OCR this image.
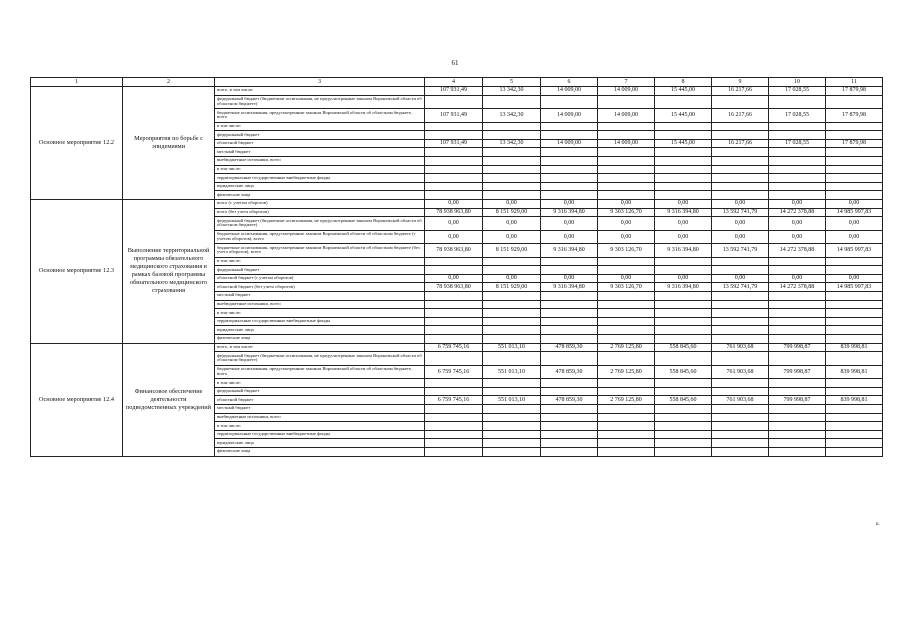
61
1	2	3	4	5	6	7	8	9	10	11
Основное мероприятие 12.2	Мероприятия по борьбе с эпидемиями	всего, в том числе:	107 931,49	13 342,30	14 009,00	14 009,00	15 445,00	16 217,66	17 028,55	17 879,98
		федеральный бюджет (бюджетные ассигнования, не предусмотренные законом Воронежской области об областном бюджете)								
		бюджетные ассигнования, предусмотренные законом Воронежской области об областном бюджете, всего	107 931,49	13 342,30	14 009,00	14 009,00	15 445,00	16 217,66	17 028,55	17 879,98
		в том числе:								
		федеральный бюджет								
		областной бюджет	107 931,49	13 342,30	14 009,00	14 009,00	15 445,00	16 217,66	17 028,55	17 879,98
		местный бюджет								
		внебюджетные источники, всего								
		в том числе:								
		территориальные государственные внебюджетные фонды								
		юридические лица								
		физические лица								
Основное мероприятие 12.3	Выполнение территориальной программы обязательного медицинского страхования в рамках базовой программы обязательного медицинского страхования	всего (с учетом оборотов)	0,00	0,00	0,00	0,00	0,00	0,00	0,00	0,00
		всего (без учета оборотов)	78 938 963,80	8 151 929,00	9 316 394,80	9 303 126,70	9 316 394,80	13 592 741,79	14 272 378,88	14 985 997,83
		федеральный бюджет (бюджетные ассигнования, не предусмотренные законом Воронежской области об областном бюджете)	0,00	0,00	0,00	0,00	0,00	0,00	0,00	0,00
		бюджетные ассигнования, предусмотренные законом Воронежской области об областном бюджете (с учетом оборотов), всего	0,00	0,00	0,00	0,00	0,00	0,00	0,00	0,00
		бюджетные ассигнования, предусмотренные законом Воронежской области об областном бюджете (без учета оборотов), всего	78 938 963,80	8 151 929,00	9 316 394,80	9 303 126,70	9 316 394,80	13 592 741,79	14 272 378,88	14 985 997,83
		в том числе:								
		федеральный бюджет								
		областной бюджет (с учетом оборотов)	0,00	0,00	0,00	0,00	0,00	0,00	0,00	0,00
		областной бюджет (без учета оборотов)	78 938 963,80	8 151 929,00	9 316 394,80	9 303 126,70	9 316 394,80	13 592 741,79	14 272 378,88	14 985 997,83
		местный бюджет								
		внебюджетные источники, всего								
		в том числе:								
		территориальные государственные внебюджетные фонды								
		юридические лица								
		физические лица								
Основное мероприятие 12.4	Финансовое обеспечение деятельности подведомственных учреждений	всего, в том числе:	6 759 745,16	551 013,10	478 859,30	2 769 125,80	558 845,60	761 903,68	799 998,87	839 998,81
		федеральный бюджет (бюджетные ассигнования, не предусмотренные законом Воронежской области об областном бюджете)								
		бюджетные ассигнования, предусмотренные законом Воронежской области об областном бюджете, всего	6 759 745,16	551 013,10	478 859,30	2 769 125,80	558 845,60	761 903,68	799 998,87	839 998,81
		в том числе:								
		федеральный бюджет								
		областной бюджет	6 759 745,16	551 013,10	478 859,30	2 769 125,80	558 845,60	761 903,68	799 998,87	839 998,81
		местный бюджет								
		внебюджетные источники, всего								
		в том числе:								
		территориальные государственные внебюджетные фонды								
		юридические лица								
		физические лица								
к.
